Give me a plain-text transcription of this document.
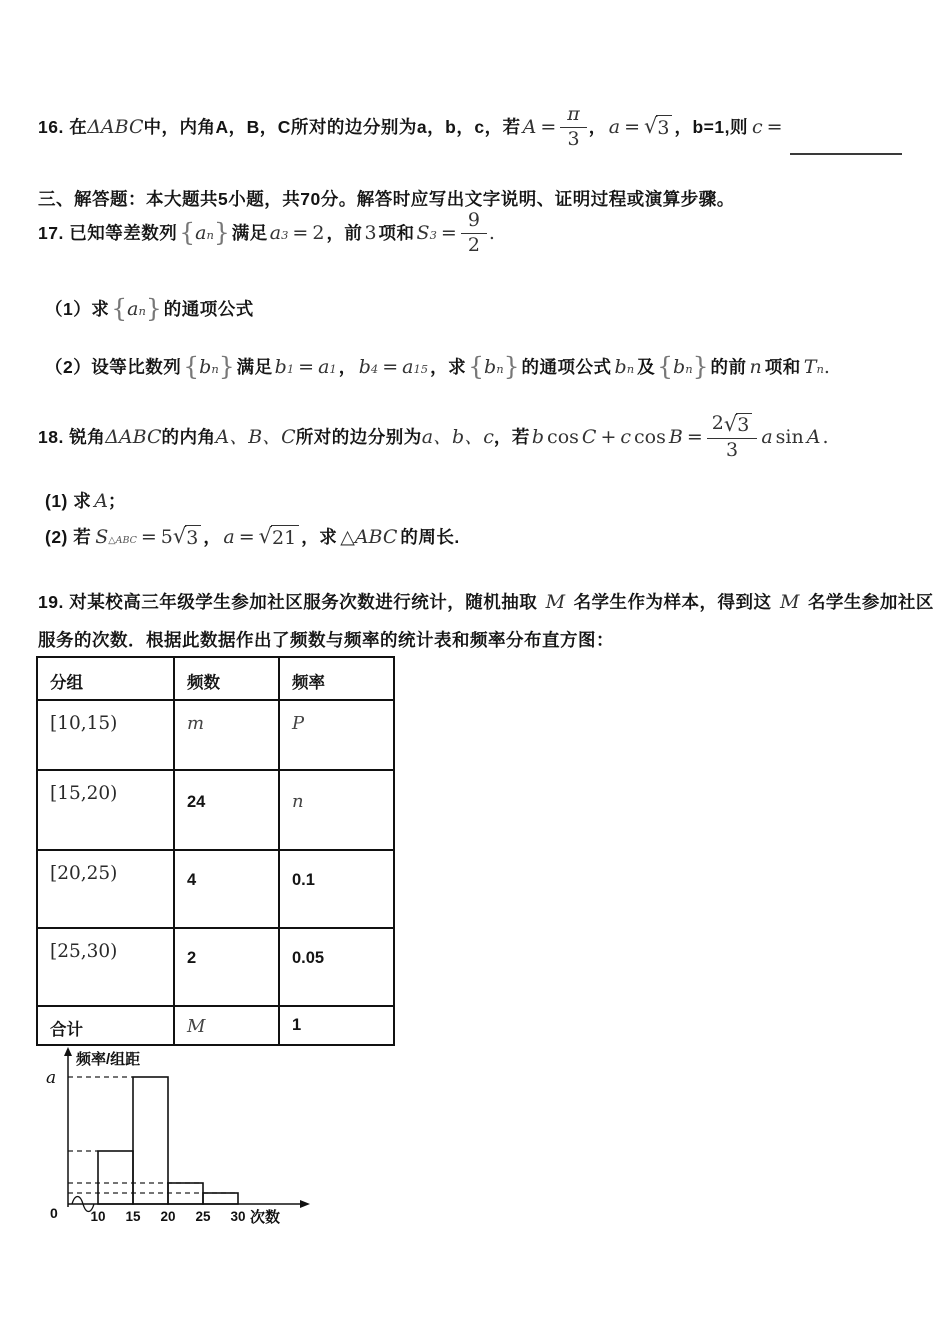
16. 在 ΔABC 中，内角A，B，C所对的边分别为a，b，c，若 $A = \frac{\pi}{3}$ ， a = √ 3 ，b=1,则 c =
三、解答题：本大题共5小题，共70分。解答时应写出文字说明、证明过程或演算步骤。
17. 已知等差数列 { a n } 满足 a 3 = 2 ，前 3 项和 S $3 = \frac{9}{2}$ .
（1）求 { a n } 的通项公式
（2）设等比数列 { b n } 满足 b 1 = a 1 ， b 4 = a 15 ，求 { b n } 的通项公式 b n 及 { b n } 的前 n 项和 T n .
18. 锐角 ΔABC 的内角 A、B、C 所对的边分别为 a、b、c ，若 b cos C + c $\cos B = \frac{2 √ 3}{3}$ a sin A .
(1) 求 A ；
(2) 若 $S_{\triangle ABC} = 5$ √ 3 ， a = √ 21 ，求 △ABC 的周长.
19. 对某校高三年级学生参加社区服务次数进行统计，随机抽取 M 名学生作为样本，得到这 M 名学生参加社区服务的次数．根据此数据作出了频数与频率的统计表和频率分布直方图：
分组	频数	频率
[10,15)	m	P
[15,20)	24	n
[20,25)	4	0.1
[25,30)	2	0.05
合计	M	1
频率/组距
a
0 10 15 20 25 30 次数
